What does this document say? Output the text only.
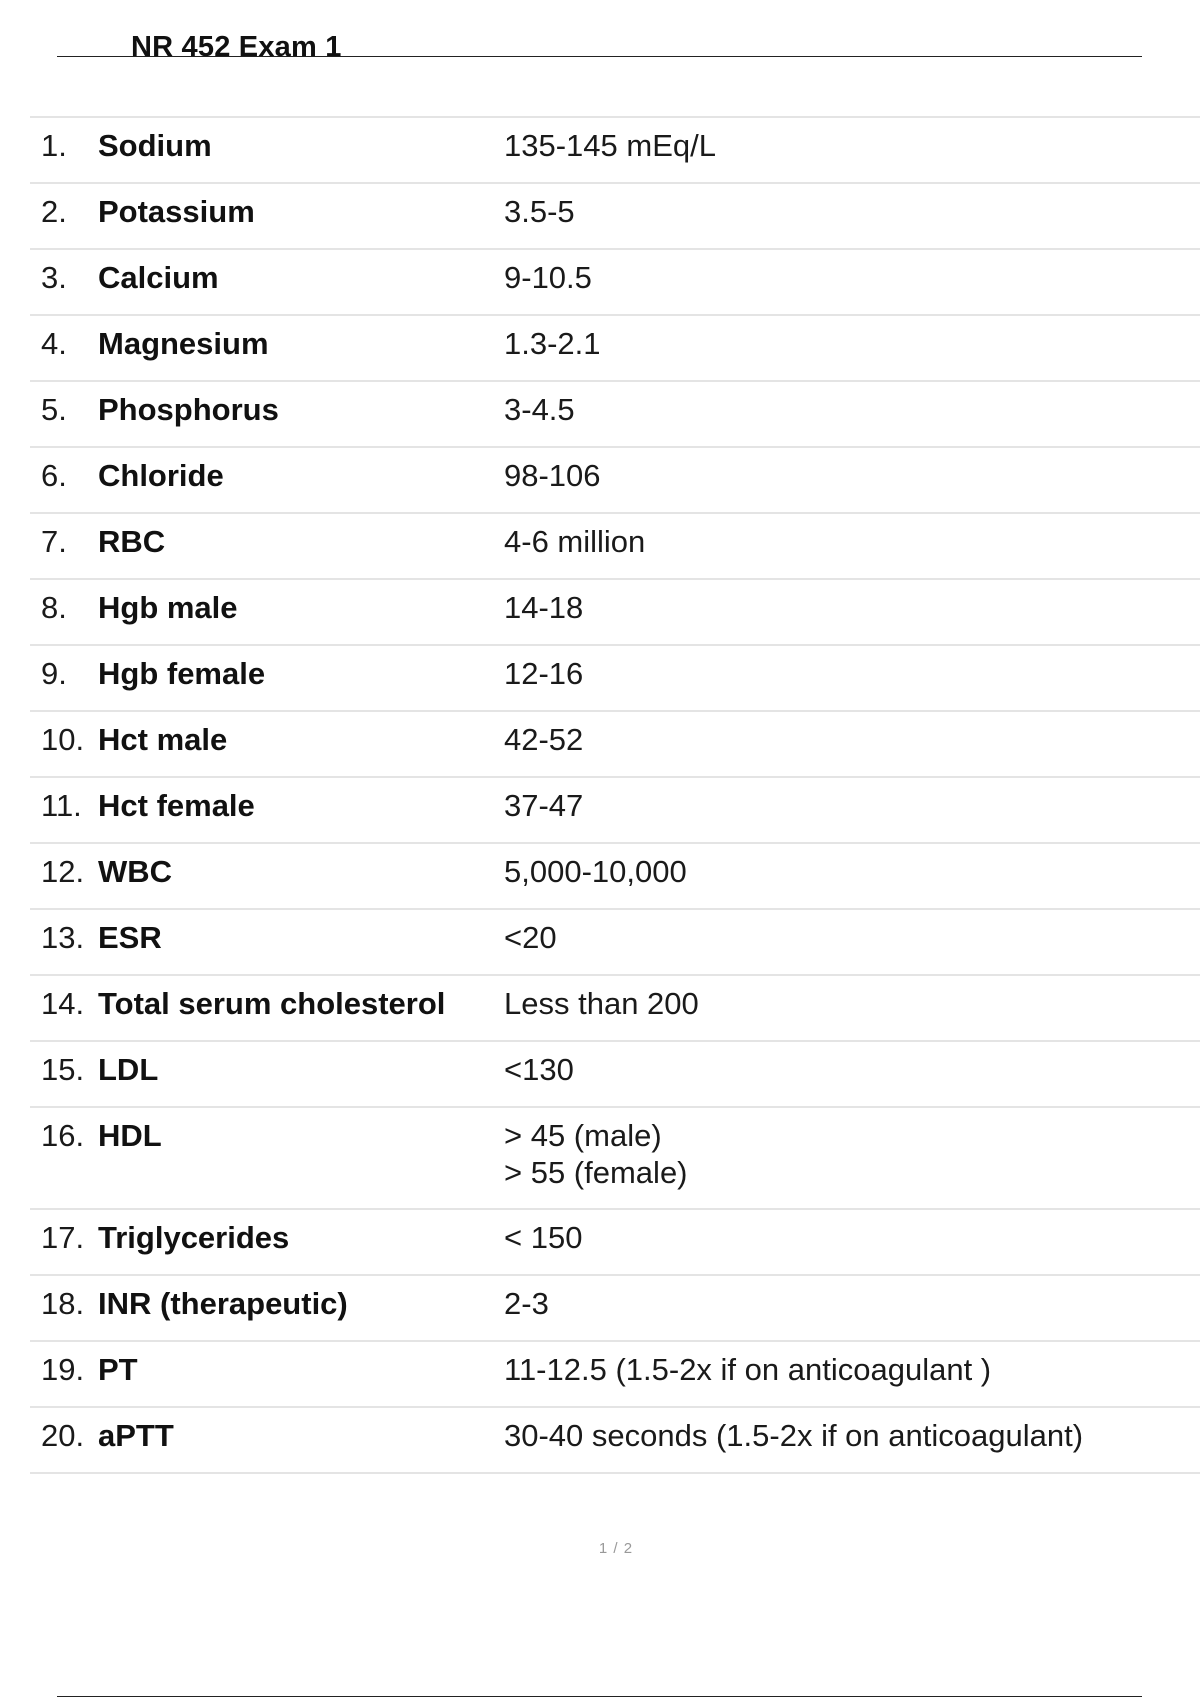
NR 452 Exam 1
1.	Sodium	135-145 mEq/L
2.	Potassium	3.5-5
3.	Calcium	9-10.5
4.	Magnesium	1.3-2.1
5.	Phosphorus	3-4.5
6.	Chloride	98-106
7.	RBC	4-6 million
8.	Hgb male	14-18
9.	Hgb female	12-16
10. Hct male	42-52
11. Hct female	37-47
12. WBC	5,000-10,000
13. ESR	<20
14. Total serum cholesterol	Less than 200
15. LDL	<130
16. HDL	> 45 (male)
> 55 (female)
17. Triglycerides	< 150
18. INR (therapeutic)	2-3
19. PT	11-12.5 (1.5-2x if on anticoagulant )
20. aPTT	30-40 seconds (1.5-2x if on anticoagulant)
1 / 2
